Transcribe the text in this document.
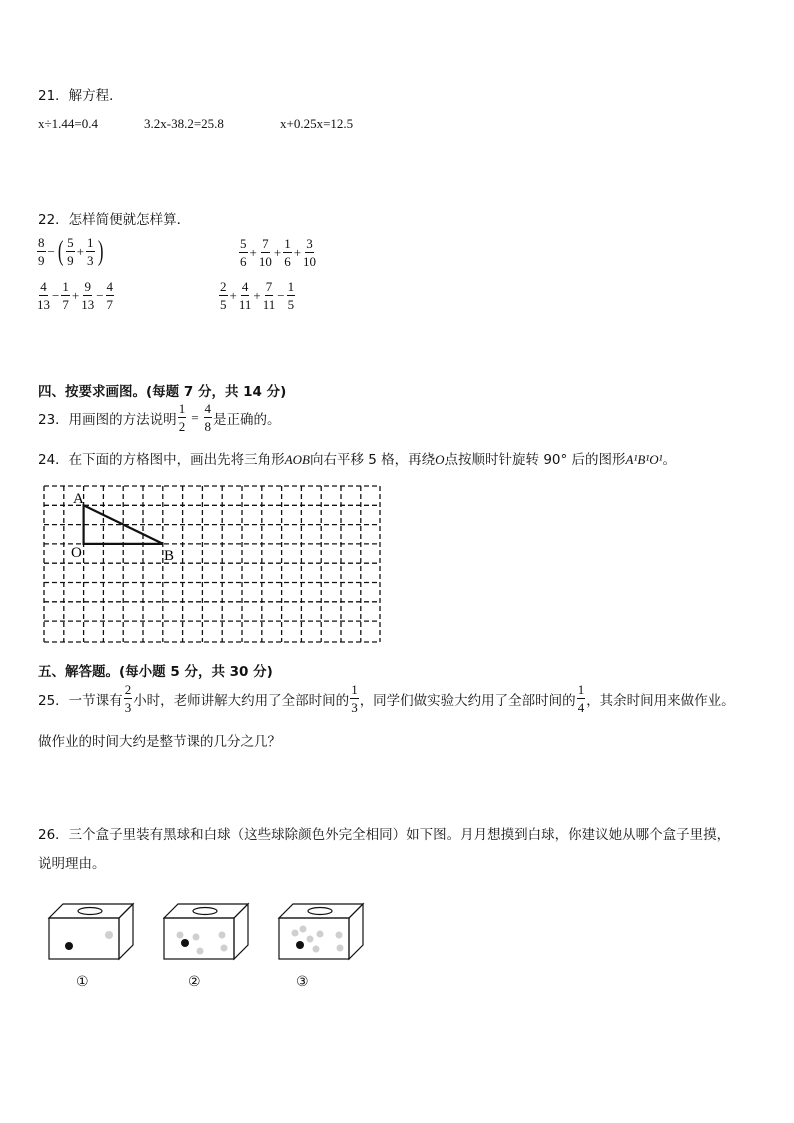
21．解方程．
x÷1.44=0.4	3.2x-38.2=25.8	x+0.25x=12.5
22．怎样简便就怎样算．
$\frac{8}{9}$ − ( $\frac{5}{9} + \frac{1}{3}$ )	$\frac{5}{6} + \frac{7}{10} + \frac{1}{6} + \frac{3}{10}$
$\frac{4}{13} - \frac{1}{7} + \frac{9}{13} - \frac{4}{7}$	$\frac{2}{5} + \frac{4}{11} + \frac{7}{11} - \frac{1}{5}$
四、按要求画图。(每题 7 分，共 14 分)
23．用画图的方法说明 $\frac{1}{2} = \frac{4}{8}$ 是正确的。
24．在下面的方格图中，画出先将三角形AOB向右平移 5 格，再绕O点按顺时针旋转 90° 后的图形A¹B¹O¹。
A
O	B
五、解答题。(每小题 5 分，共 30 分)
25．一节课有 $\frac{2}{3}$ 小时，老师讲解大约用了全部时间的 $\frac{1}{3}$ ，同学们做实验大约用了全部时间的 $\frac{1}{4}$ ，其余时间用来做作业。
做作业的时间大约是整节课的几分之几？
26．三个盒子里装有黑球和白球（这些球除颜色外完全相同）如下图。月月想摸到白球，你建议她从哪个盒子里摸，
说明理由。
①	②	③
